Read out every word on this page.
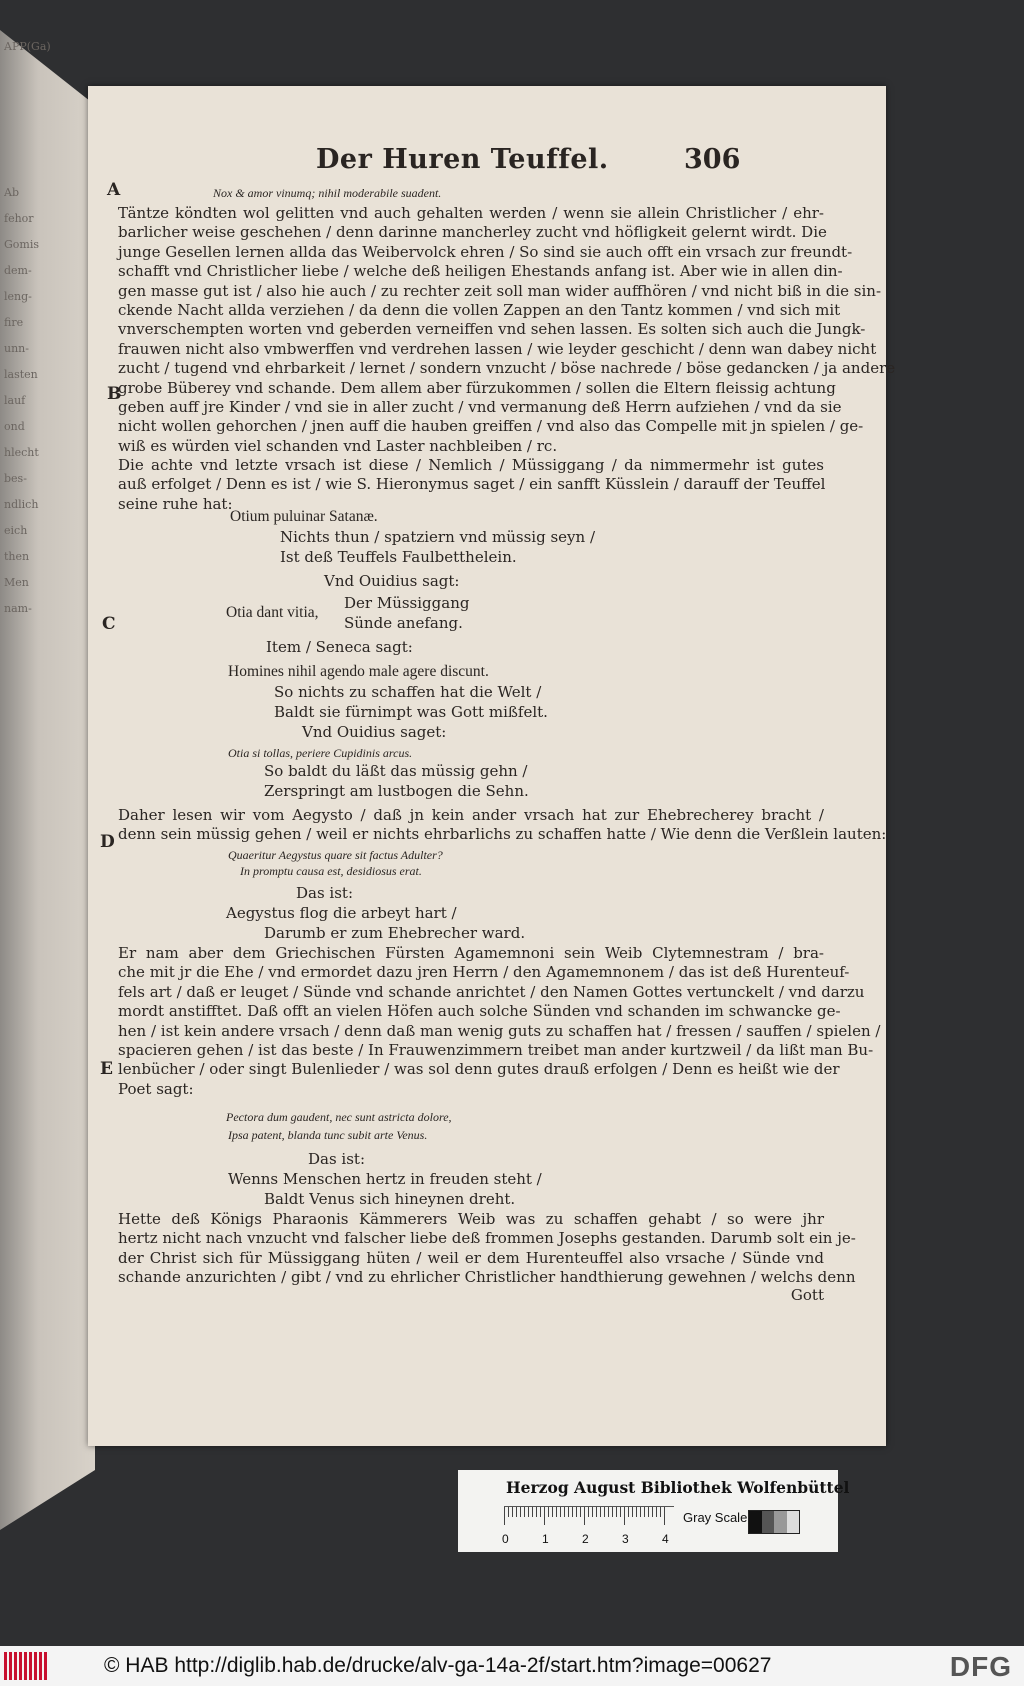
APP(Ga)
Ab
fehor
Gomis
dem-
leng-
fire
unn-
lasten
lauf
ond
hlecht
bes-
ndlich
eich
then
Men
nam-
Der Huren Teuffel.	306
A
B
C
D
E
Nox & amor vinumq; nihil moderabile suadent.
Täntze köndten wol gelitten vnd auch gehalten werden / wenn sie allein Christlicher / ehr-
barlicher weise geschehen / denn darinne mancherley zucht vnd höfligkeit gelernt wirdt. Die
junge Gesellen lernen allda das Weibervolck ehren / So sind sie auch offt ein vrsach zur freundt-
schafft vnd Christlicher liebe / welche deß heiligen Ehestands anfang ist. Aber wie in allen din-
gen masse gut ist / also hie auch / zu rechter zeit soll man wider auffhören / vnd nicht biß in die sin-
ckende Nacht allda verziehen / da denn die vollen Zappen an den Tantz kommen / vnd sich mit
vnverschempten worten vnd geberden verneiffen vnd sehen lassen. Es solten sich auch die Jungk-
frauwen nicht also vmbwerffen vnd verdrehen lassen / wie leyder geschicht / denn wan dabey nicht
zucht / tugend vnd ehrbarkeit / lernet / sondern vnzucht / böse nachrede / böse gedancken / ja andere
grobe Büberey vnd schande. Dem allem aber fürzukommen / sollen die Eltern fleissig achtung
geben auff jre Kinder / vnd sie in aller zucht / vnd vermanung deß Herrn aufziehen / vnd da sie
nicht wollen gehorchen / jnen auff die hauben greiffen / vnd also das Compelle mit jn spielen / ge-
wiß es würden viel schanden vnd Laster nachbleiben / rc.
Die achte vnd letzte vrsach ist diese / Nemlich / Müssiggang / da nimmermehr ist gutes
auß erfolget / Denn es ist / wie S. Hieronymus saget / ein sanfft Küsslein / darauff der Teuffel
seine ruhe hat:
Otium puluinar Satanæ.
Nichts thun / spatziern vnd müssig seyn /
Ist deß Teuffels Faulbetthelein.
Vnd Ouidius sagt:
Otia dant vitia,
Der Müssiggang
Sünde anefang.
Item / Seneca sagt:
Homines nihil agendo male agere discunt.
So nichts zu schaffen hat die Welt /
Baldt sie fürnimpt was Gott mißfelt.
Vnd Ouidius saget:
Otia si tollas, periere Cupidinis arcus.
So baldt du läßt das müssig gehn /
Zerspringt am lustbogen die Sehn.
Daher lesen wir vom Aegysto / daß jn kein ander vrsach hat zur Ehebrecherey bracht /
denn sein müssig gehen / weil er nichts ehrbarlichs zu schaffen hatte / Wie denn die Verßlein lauten:
Quaeritur Aegystus quare sit factus Adulter?
In promptu causa est, desidiosus erat.
Das ist:
Aegystus flog die arbeyt hart /
Darumb er zum Ehebrecher ward.
Er nam aber dem Griechischen Fürsten Agamemnoni sein Weib Clytemnestram / bra-
che mit jr die Ehe / vnd ermordet dazu jren Herrn / den Agamemnonem / das ist deß Hurenteuf-
fels art / daß er leuget / Sünde vnd schande anrichtet / den Namen Gottes vertunckelt / vnd darzu
mordt anstifftet. Daß offt an vielen Höfen auch solche Sünden vnd schanden im schwancke ge-
hen / ist kein andere vrsach / denn daß man wenig guts zu schaffen hat / fressen / sauffen / spielen /
spacieren gehen / ist das beste / In Frauwenzimmern treibet man ander kurtzweil / da lißt man Bu-
lenbücher / oder singt Bulenlieder / was sol denn gutes drauß erfolgen / Denn es heißt wie der
Poet sagt:
Pectora dum gaudent, nec sunt astricta dolore,
Ipsa patent, blanda tunc subit arte Venus.
Das ist:
Wenns Menschen hertz in freuden steht /
Baldt Venus sich hineynen dreht.
Hette deß Königs Pharaonis Kämmerers Weib was zu schaffen gehabt / so were jhr
hertz nicht nach vnzucht vnd falscher liebe deß frommen Josephs gestanden. Darumb solt ein je-
der Christ sich für Müssiggang hüten / weil er dem Hurenteuffel also vrsache / Sünde vnd
schande anzurichten / gibt / vnd zu ehrlicher Christlicher handthierung gewehnen / welchs denn
Gott
Herzog August Bibliothek Wolfenbüttel
0	1	2	3	4
Gray Scale
© HAB http://diglib.hab.de/drucke/alv-ga-14a-2f/start.htm?image=00627	DFG
